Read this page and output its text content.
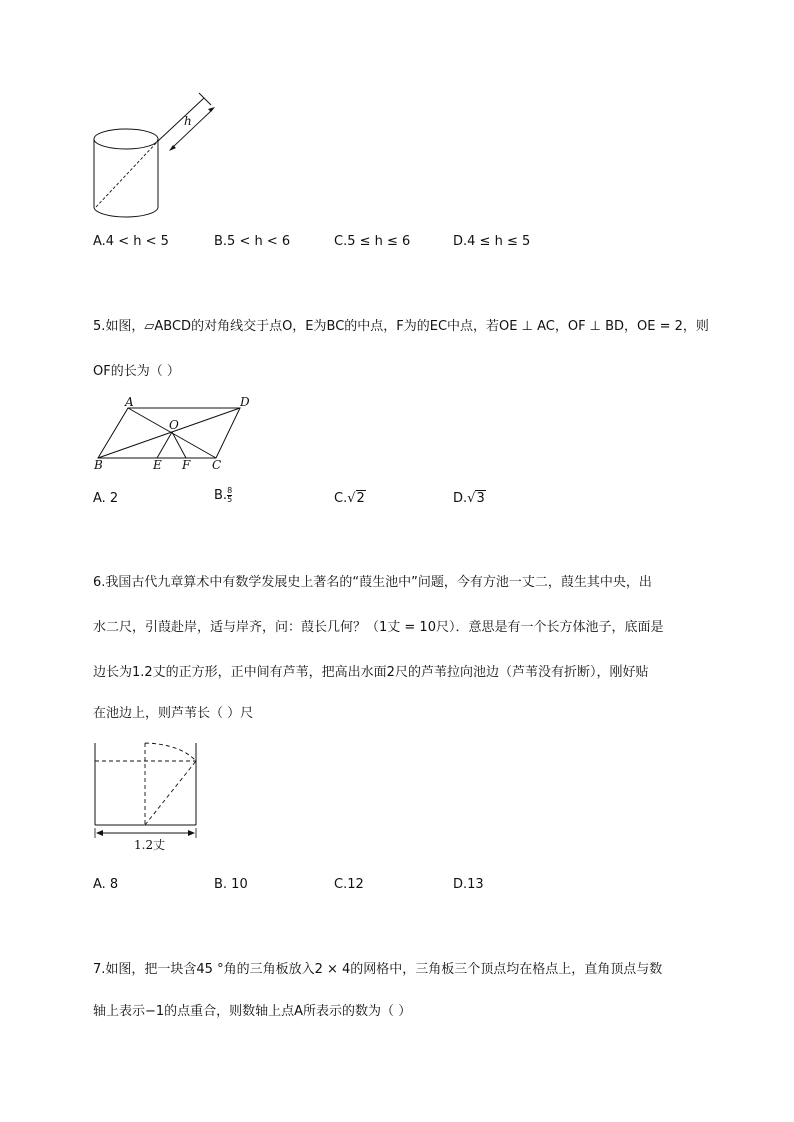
h
A.4 < h < 5	B.5 < h < 6	C.5 ≤ h ≤ 6	D.4 ≤ h ≤ 5
5.如图，▱ABCD的对角线交于点O，E为BC的中点，F为的EC中点，若OE ⊥ AC，OF ⊥ BD，OE = 2，则
OF的长为（ ）
A	D
O
B	E F C
A. 2	B. $\frac{8}{5}$	C.√2	D.√3
6.我国古代九章算术中有数学发展史上著名的“葭生池中”问题，今有方池一丈二，葭生其中央，出
水二尺，引葭赴岸，适与岸齐，问：葭长几何？（1丈 = 10尺）．意思是有一个长方体池子，底面是
边长为1.2丈的正方形，正中间有芦苇，把高出水面2尺的芦苇拉向池边（芦苇没有折断），刚好贴
在池边上，则芦苇长（ ）尺
1.2丈
A. 8	B. 10	C.12	D.13
7.如图，把一块含45 °角的三角板放入2 × 4的网格中，三角板三个顶点均在格点上，直角顶点与数
轴上表示−1的点重合，则数轴上点A所表示的数为（ ）
